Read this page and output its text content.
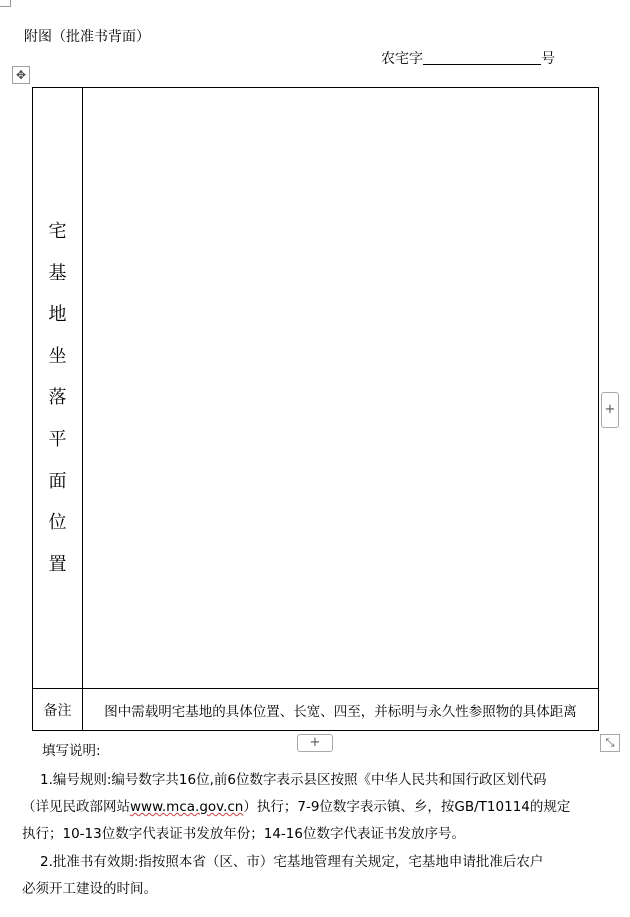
附图（批准书背面）
农宅字	号
✥
宅
基
地
坐
落
平
面
位
置
备注	图中需载明宅基地的具体位置、长宽、四至，并标明与永久性参照物的具体距离
+
+	⤡
填写说明:
1.编号规则:编号数字共16位,前6位数字表示县区按照《中华人民共和国行政区划代码
（详见民政部网站www.mca.gov.cn）执行；7-9位数字表示镇、乡，按GB/T10114的规定
执行；10-13位数字代表证书发放年份；14-16位数字代表证书发放序号。
2.批准书有效期:指按照本省（区、市）宅基地管理有关规定，宅基地申请批准后农户
必须开工建设的时间。
